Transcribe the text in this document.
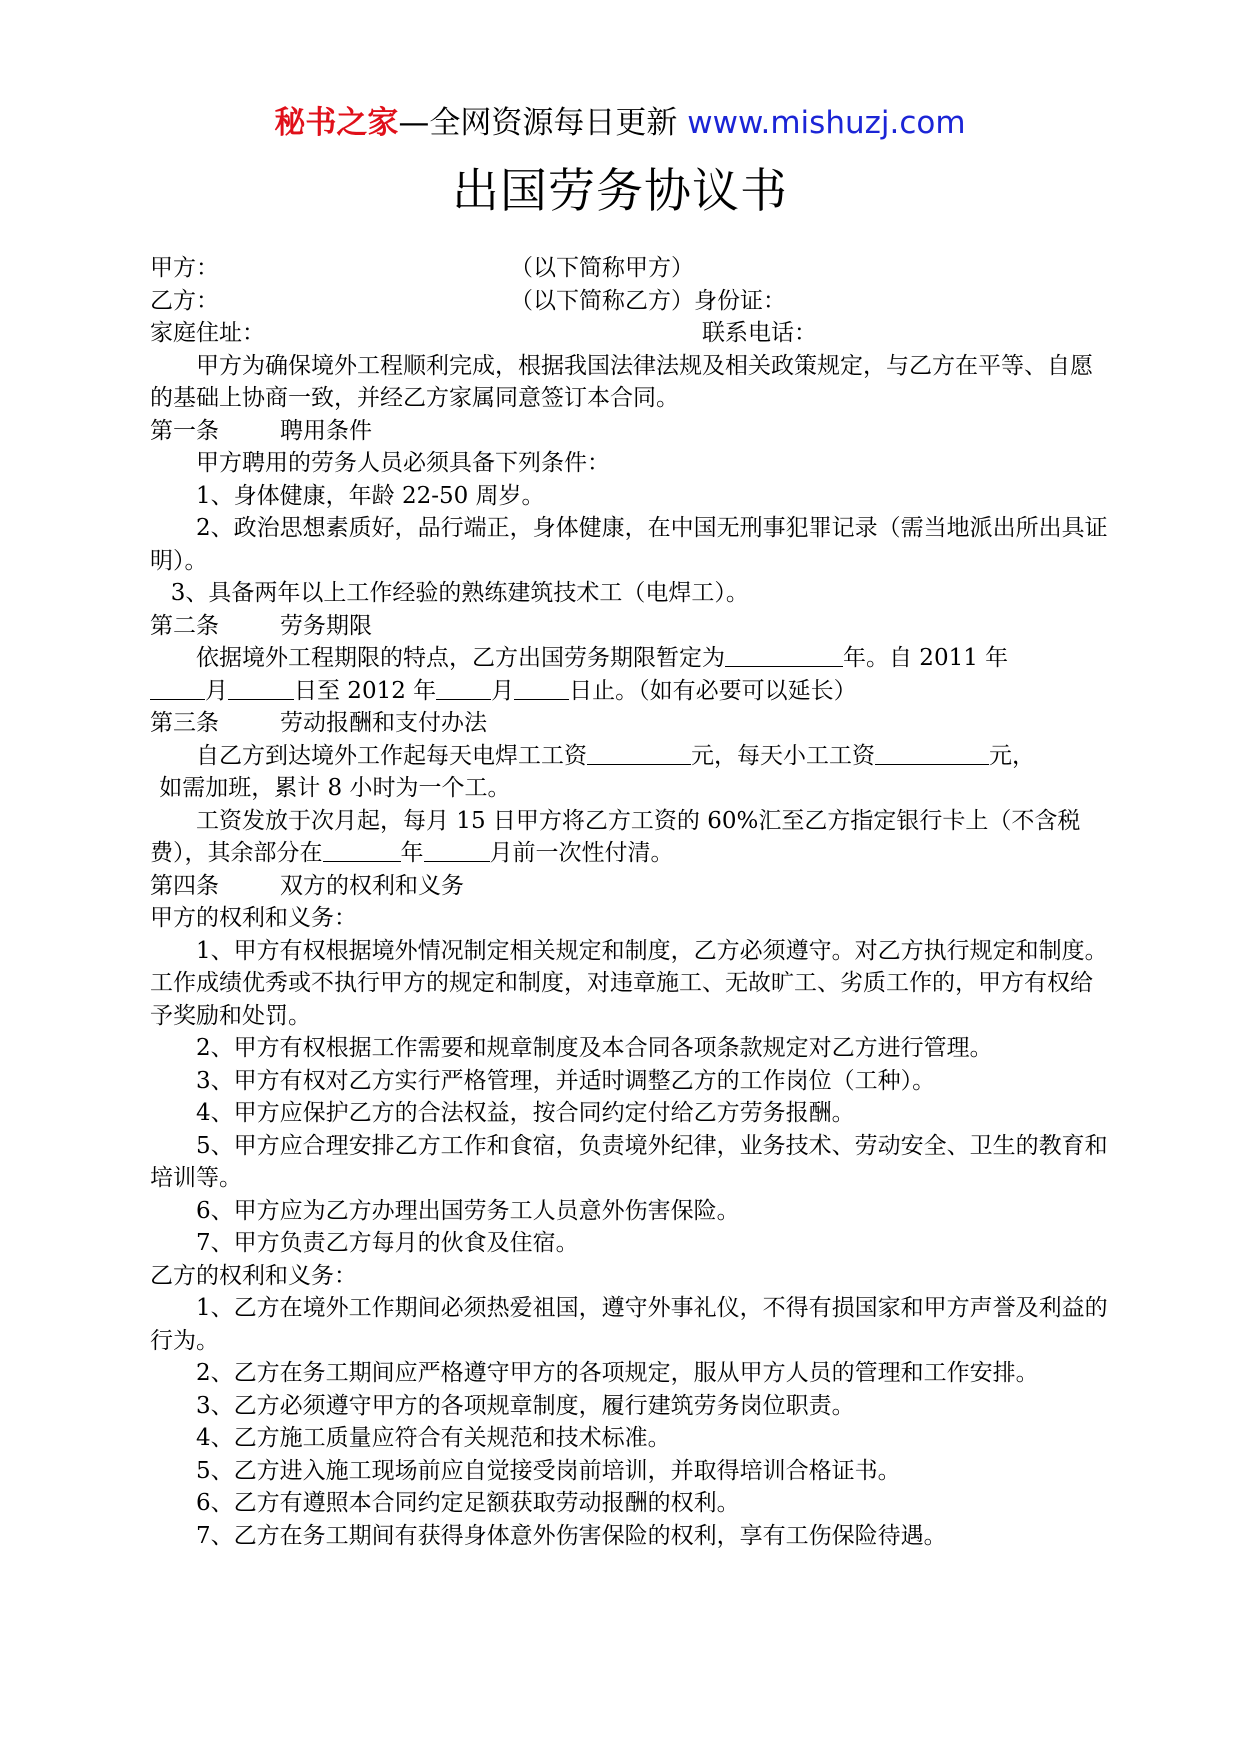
秘书之家—全网资源每日更新 www.mishuzj.com
出国劳务协议书

甲方：	（以下简称甲方）

乙方：	（以下简称乙方）身份证：

家庭住址：	联系电话：

甲方为确保境外工程顺利完成，根据我国法律法规及相关政策规定，与乙方在平等、自愿的基础上协商一致，并经乙方家属同意签订本合同。

第一条	聘用条件

甲方聘用的劳务人员必须具备下列条件：

1、身体健康，年龄 22-50 周岁。

2、政治思想素质好，品行端正，身体健康，在中国无刑事犯罪记录（需当地派出所出具证明）。

3、具备两年以上工作经验的熟练建筑技术工（电焊工）。

第二条	劳务期限

依据境外工程期限的特点，乙方出国劳务期限暂定为	年。自 2011 年
月	日至 2012 年 月 日止。（如有必要可以延长）

第三条	劳动报酬和支付办法

自乙方到达境外工作起每天电焊工工资	元，每天小工工资	元，
如需加班，累计 8 小时为一个工。

工资发放于次月起，每月 15 日甲方将乙方工资的 60%汇至乙方指定银行卡上（不含税费），其余部分在	年	月前一次性付清。

第四条	双方的权利和义务

甲方的权利和义务：

1、甲方有权根据境外情况制定相关规定和制度，乙方必须遵守。对乙方执行规定和制度。工作成绩优秀或不执行甲方的规定和制度，对违章施工、无故旷工、劣质工作的，甲方有权给予奖励和处罚。

2、甲方有权根据工作需要和规章制度及本合同各项条款规定对乙方进行管理。

3、甲方有权对乙方实行严格管理，并适时调整乙方的工作岗位（工种）。

4、甲方应保护乙方的合法权益，按合同约定付给乙方劳务报酬。

5、甲方应合理安排乙方工作和食宿，负责境外纪律，业务技术、劳动安全、卫生的教育和培训等。

6、甲方应为乙方办理出国劳务工人员意外伤害保险。

7、甲方负责乙方每月的伙食及住宿。

乙方的权利和义务：

1、乙方在境外工作期间必须热爱祖国，遵守外事礼仪，不得有损国家和甲方声誉及利益的行为。

2、乙方在务工期间应严格遵守甲方的各项规定，服从甲方人员的管理和工作安排。

3、乙方必须遵守甲方的各项规章制度，履行建筑劳务岗位职责。

4、乙方施工质量应符合有关规范和技术标准。

5、乙方进入施工现场前应自觉接受岗前培训，并取得培训合格证书。

6、乙方有遵照本合同约定足额获取劳动报酬的权利。

7、乙方在务工期间有获得身体意外伤害保险的权利，享有工伤保险待遇。
